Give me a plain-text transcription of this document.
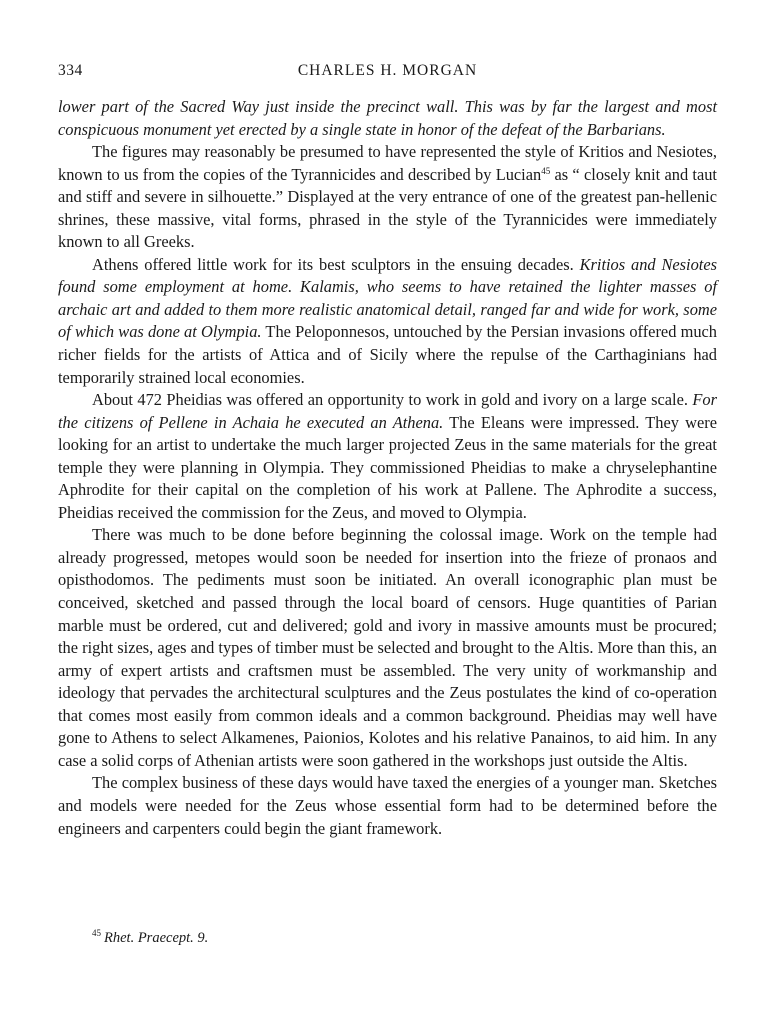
334	CHARLES H. MORGAN

lower part of the Sacred Way just inside the precinct wall. This was by far the largest and most conspicuous monument yet erected by a single state in honor of the defeat of the Barbarians.

The figures may reasonably be presumed to have represented the style of Kritios and Nesiotes, known to us from the copies of the Tyrannicides and described by Lucian$^{45}$ as “ closely knit and taut and stiff and severe in silhouette.” Displayed at the very entrance of one of the greatest pan-hellenic shrines, these massive, vital forms, phrased in the style of the Tyrannicides were immediately known to all Greeks.

Athens offered little work for its best sculptors in the ensuing decades. Kritios and Nesiotes found some employment at home. Kalamis, who seems to have retained the lighter masses of archaic art and added to them more realistic anatomical detail, ranged far and wide for work, some of which was done at Olympia. The Peloponnesos, untouched by the Persian invasions offered much richer fields for the artists of Attica and of Sicily where the repulse of the Carthaginians had temporarily strained local economies.

About 472 Pheidias was offered an opportunity to work in gold and ivory on a large scale. For the citizens of Pellene in Achaia he executed an Athena. The Eleans were impressed. They were looking for an artist to undertake the much larger projected Zeus in the same materials for the great temple they were planning in Olympia. They commissioned Pheidias to make a chryselephantine Aphrodite for their capital on the completion of his work at Pallene. The Aphrodite a success, Pheidias received the commission for the Zeus, and moved to Olympia.

There was much to be done before beginning the colossal image. Work on the temple had already progressed, metopes would soon be needed for insertion into the frieze of pronaos and opisthodomos. The pediments must soon be initiated. An overall iconographic plan must be conceived, sketched and passed through the local board of censors. Huge quantities of Parian marble must be ordered, cut and delivered; gold and ivory in massive amounts must be procured; the right sizes, ages and types of timber must be selected and brought to the Altis. More than this, an army of expert artists and craftsmen must be assembled. The very unity of workmanship and ideology that pervades the architectural sculptures and the Zeus postulates the kind of co-operation that comes most easily from common ideals and a common background. Pheidias may well have gone to Athens to select Alkamenes, Paionios, Kolotes and his relative Panainos, to aid him. In any case a solid corps of Athenian artists were soon gathered in the workshops just outside the Altis.

The complex business of these days would have taxed the energies of a younger man. Sketches and models were needed for the Zeus whose essential form had to be determined before the engineers and carpenters could begin the giant framework.

$^{45}$ Rhet. Praecept. 9.
